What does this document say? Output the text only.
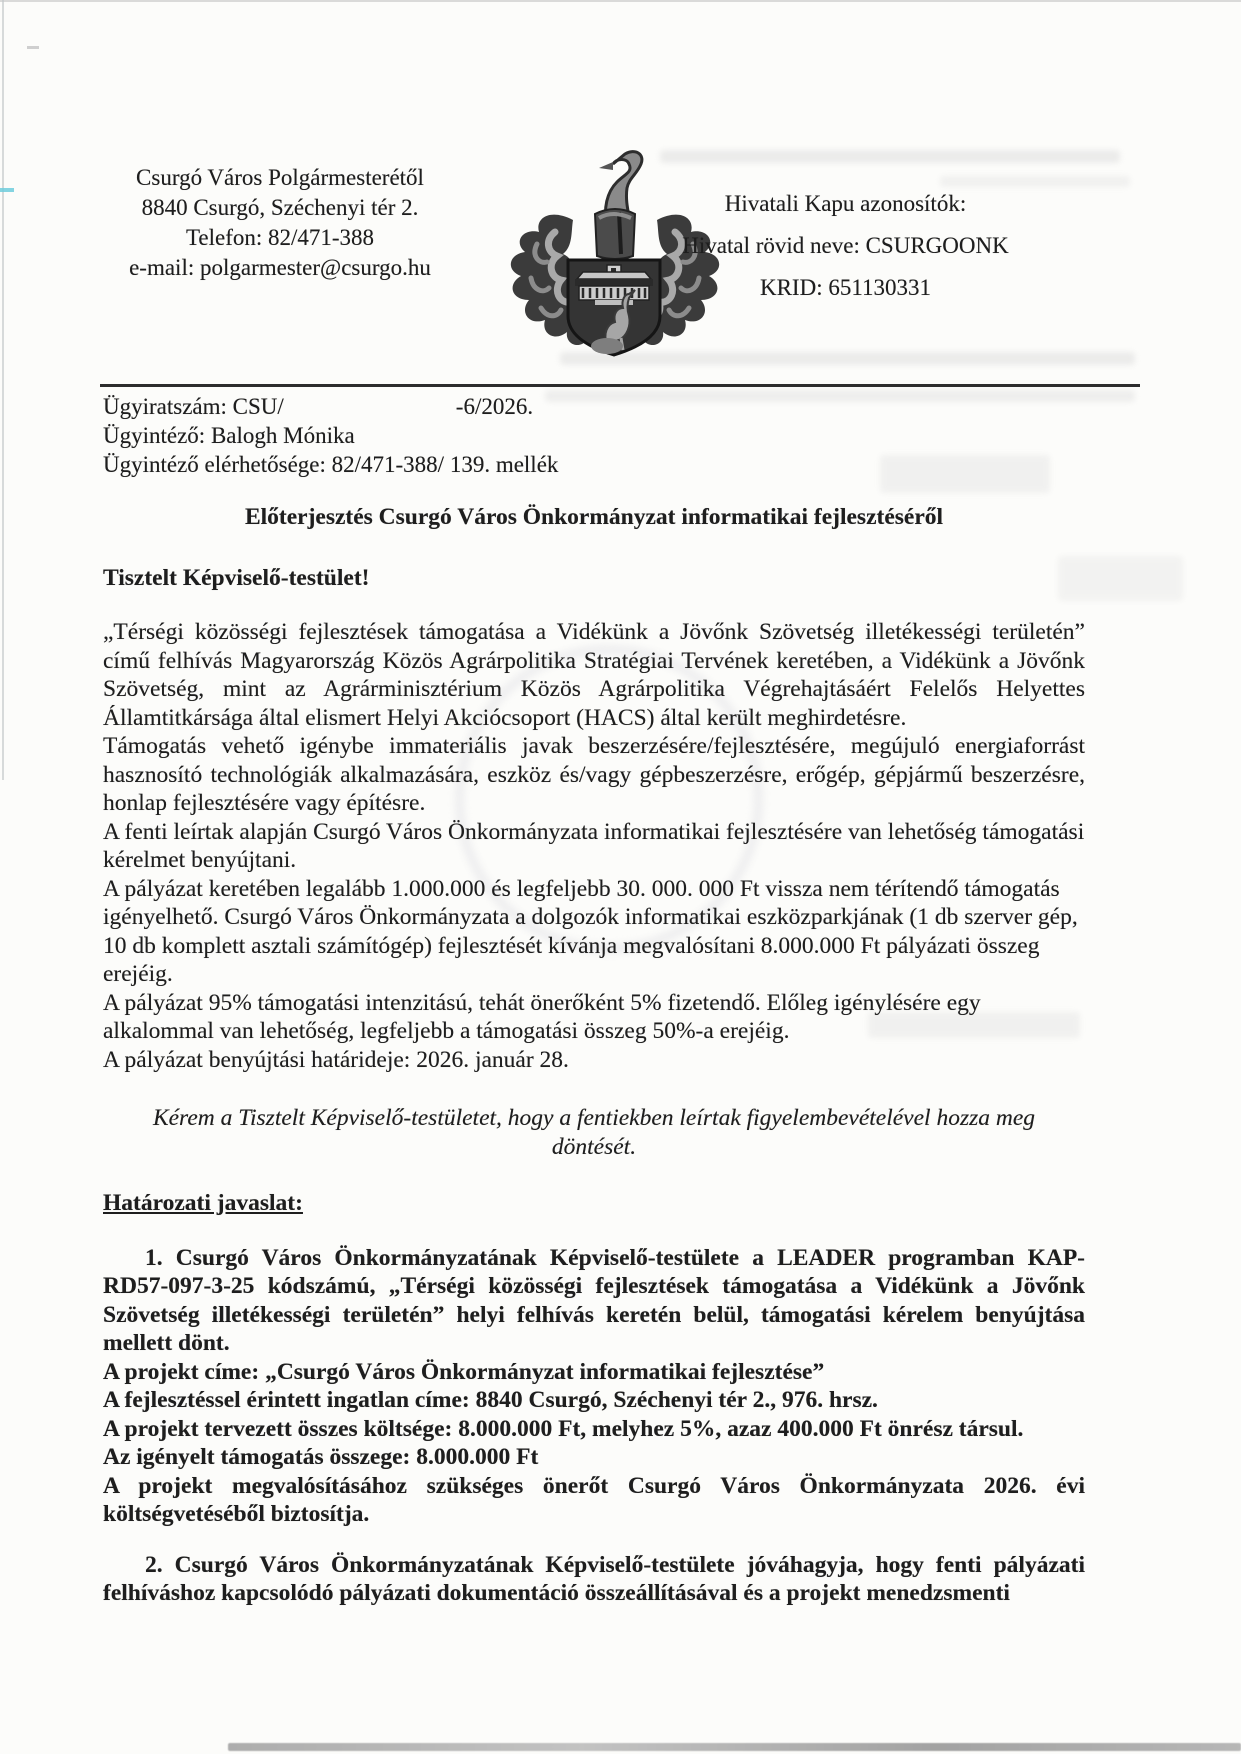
Csurgó Város Polgármesterétől
8840 Csurgó, Széchenyi tér 2.
Telefon: 82/471-388
e-mail: polgarmester@csurgo.hu
Hivatali Kapu azonosítók:
Hivatal rövid neve: CSURGOONK
KRID: 651130331
Ügyiratszám: CSU/	-6/2026.
Ügyintéző: Balogh Mónika
Ügyintéző elérhetősége: 82/471-388/ 139. mellék

Előterjesztés Csurgó Város Önkormányzat informatikai fejlesztéséről

Tisztelt Képviselő-testület!

„Térségi közösségi fejlesztések támogatása a Vidékünk a Jövőnk Szövetség illetékességi területén” című felhívás Magyarország Közös Agrárpolitika Stratégiai Tervének keretében, a Vidékünk a Jövőnk Szövetség, mint az Agrárminisztérium Közös Agrárpolitika Végrehajtásáért Felelős Helyettes Államtitkársága által elismert Helyi Akciócsoport (HACS) által került meghirdetésre.

Támogatás vehető igénybe immateriális javak beszerzésére/fejlesztésére, megújuló energiaforrást hasznosító technológiák alkalmazására, eszköz és/vagy gépbeszerzésre, erőgép, gépjármű beszerzésre, honlap fejlesztésére vagy építésre.

A fenti leírtak alapján Csurgó Város Önkormányzata informatikai fejlesztésére van lehetőség támogatási kérelmet benyújtani.

A pályázat keretében legalább 1.000.000 és legfeljebb 30. 000. 000 Ft vissza nem térítendő támogatás igényelhető. Csurgó Város Önkormányzata a dolgozók informatikai eszközparkjának (1 db szerver gép, 10 db komplett asztali számítógép) fejlesztését kívánja megvalósítani 8.000.000 Ft pályázati összeg erejéig.

A pályázat 95% támogatási intenzitású, tehát önerőként 5% fizetendő. Előleg igénylésére egy alkalommal van lehetőség, legfeljebb a támogatási összeg 50%-a erejéig.

A pályázat benyújtási határideje: 2026. január 28.

Kérem a Tisztelt Képviselő-testületet, hogy a fentiekben leírtak figyelembevételével hozza meg döntését.

Határozati javaslat:

1. Csurgó Város Önkormányzatának Képviselő-testülete a LEADER programban KAP-RD57-097-3-25 kódszámú, „Térségi közösségi fejlesztések támogatása a Vidékünk a Jövőnk Szövetség illetékességi területén” helyi felhívás keretén belül, támogatási kérelem benyújtása mellett dönt.

A projekt címe: „Csurgó Város Önkormányzat informatikai fejlesztése”

A fejlesztéssel érintett ingatlan címe: 8840 Csurgó, Széchenyi tér 2., 976. hrsz.

A projekt tervezett összes költsége: 8.000.000 Ft, melyhez 5%, azaz 400.000 Ft önrész társul.

Az igényelt támogatás összege: 8.000.000 Ft

A projekt megvalósításához szükséges önerőt Csurgó Város Önkormányzata 2026. évi költségvetéséből biztosítja.

2. Csurgó Város Önkormányzatának Képviselő-testülete jóváhagyja, hogy fenti pályázati felhíváshoz kapcsolódó pályázati dokumentáció összeállításával és a projekt menedzsmenti
